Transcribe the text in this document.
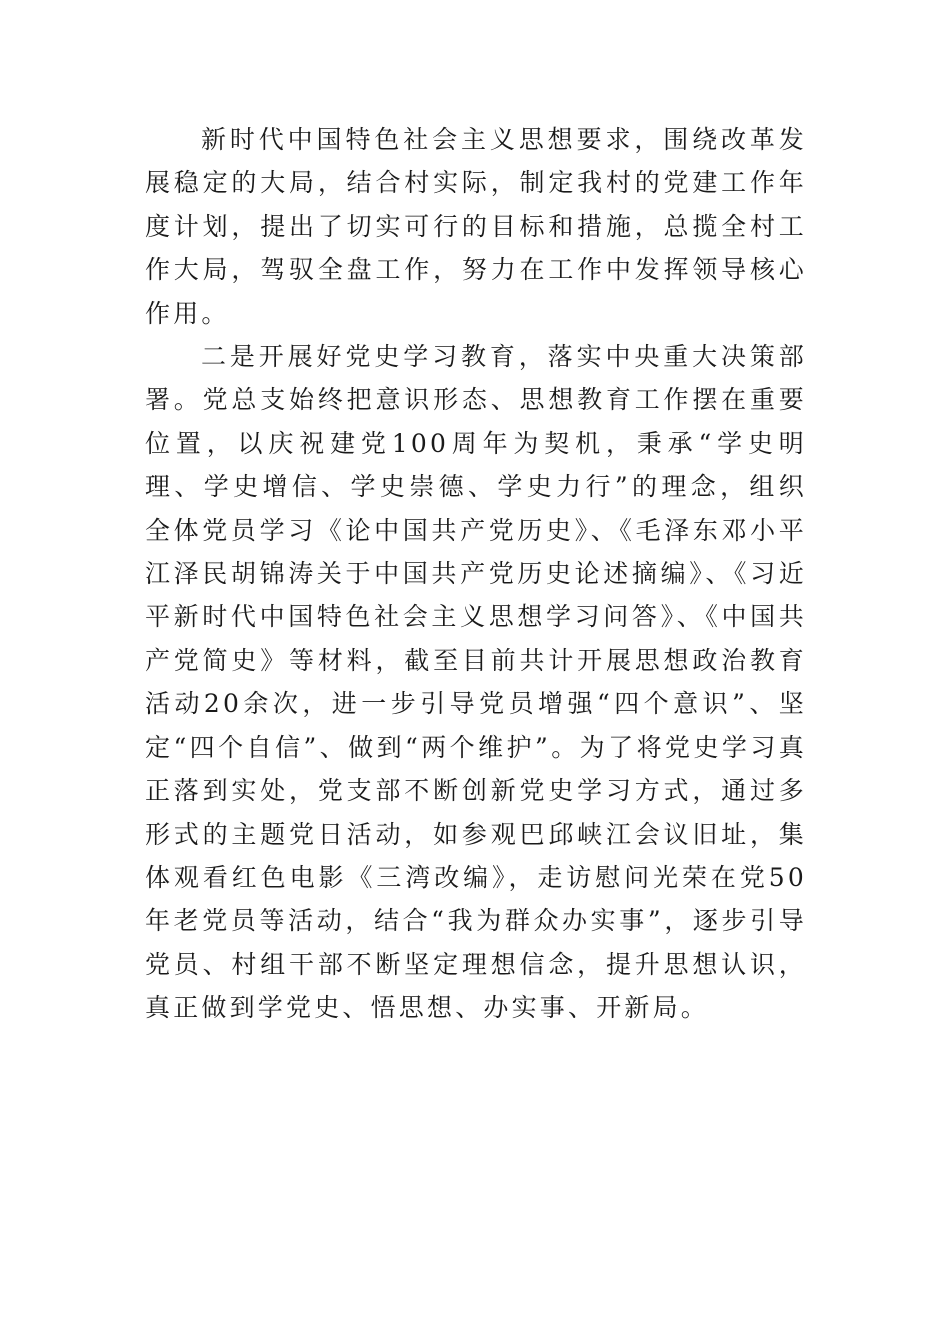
新时代中国特色社会主义思想要求，围绕改革发展稳定的大局，结合村实际，制定我村的党建工作年度计划，提出了切实可行的目标和措施，总揽全村工作大局，驾驭全盘工作，努力在工作中发挥领导核心作用。

二是开展好党史学习教育，落实中央重大决策部署。党总支始终把意识形态、思想教育工作摆在重要位置，以庆祝建党100周年为契机，秉承“学史明理、学史增信、学史崇德、学史力行”的理念，组织全体党员学习《论中国共产党历史》、《毛泽东邓小平江泽民胡锦涛关于中国共产党历史论述摘编》、《习近平新时代中国特色社会主义思想学习问答》、《中国共产党简史》等材料，截至目前共计开展思想政治教育活动20余次，进一步引导党员增强“四个意识”、坚定“四个自信”、做到“两个维护”。为了将党史学习真正落到实处，党支部不断创新党史学习方式，通过多形式的主题党日活动，如参观巴邱峡江会议旧址，集体观看红色电影《三湾改编》，走访慰问光荣在党50年老党员等活动，结合“我为群众办实事”，逐步引导党员、村组干部不断坚定理想信念，提升思想认识，真正做到学党史、悟思想、办实事、开新局。
